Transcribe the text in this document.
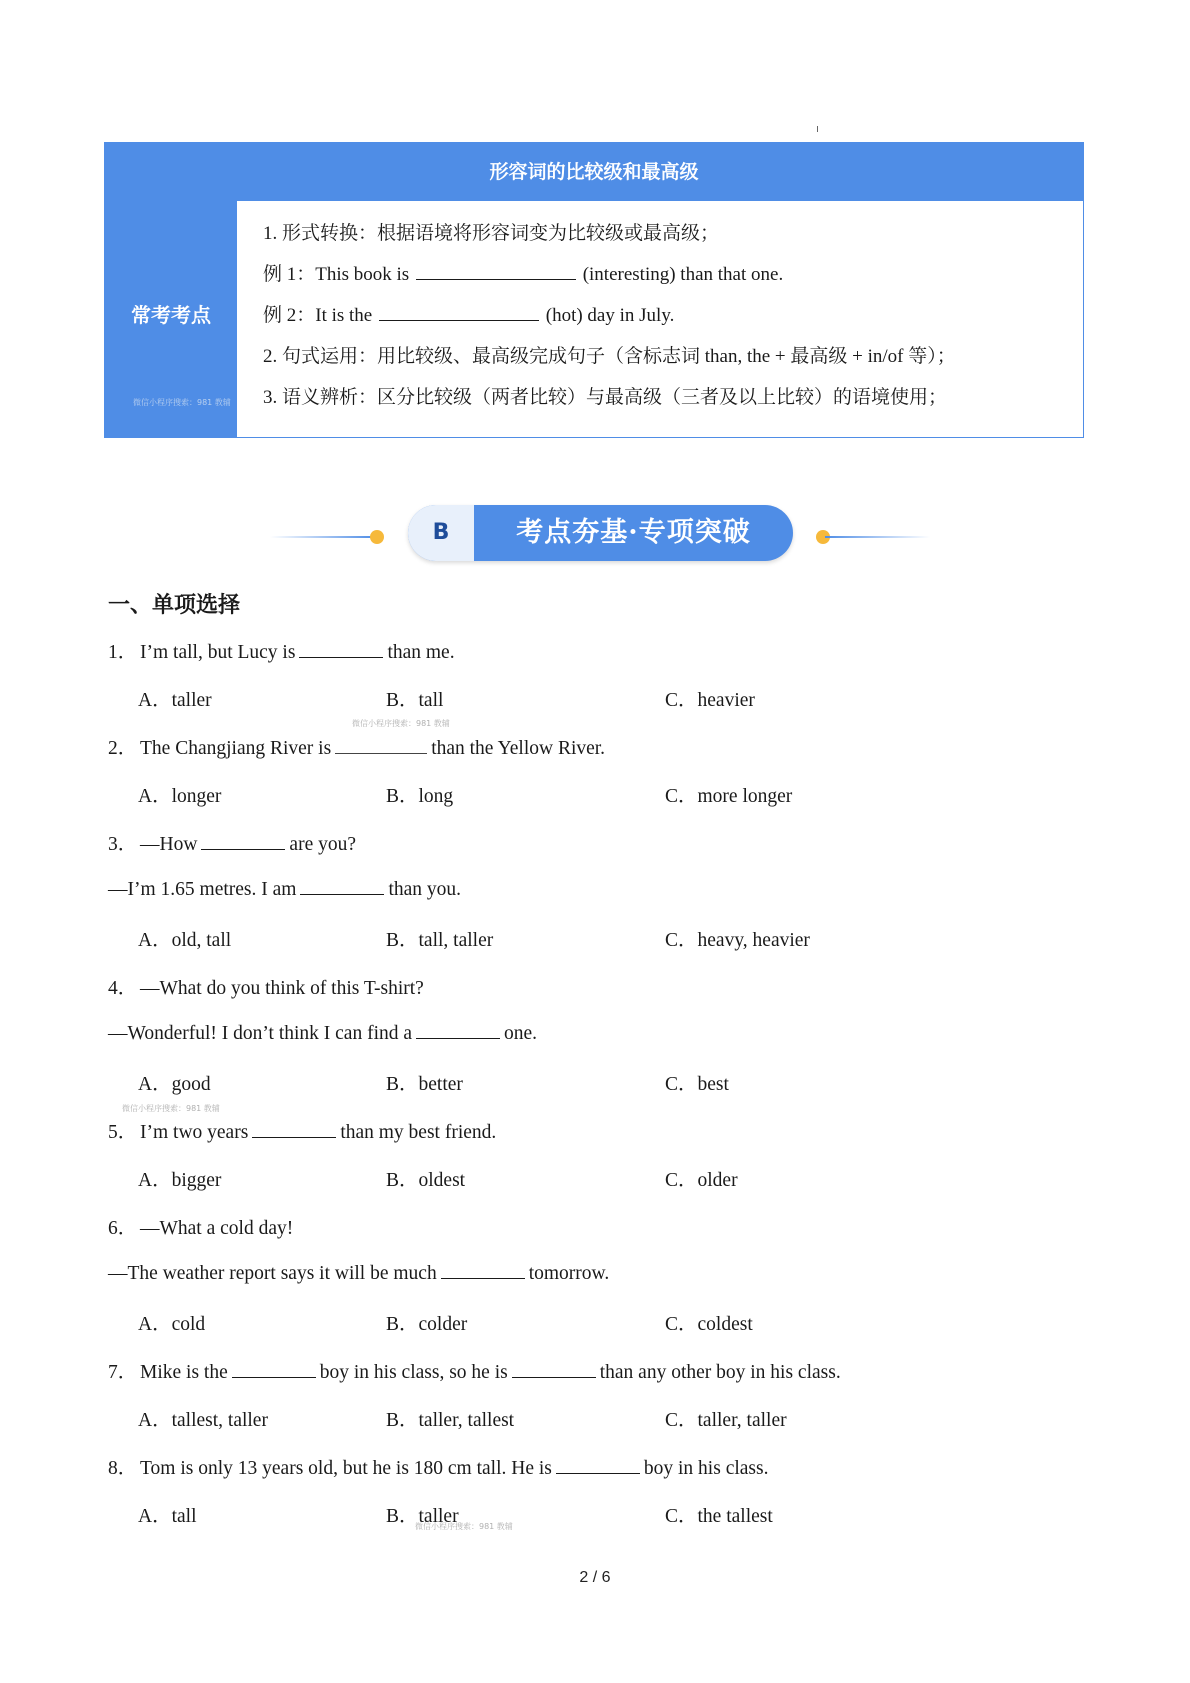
形容词的比较级和最高级
常考考点
微信小程序搜索：981 教辅
1. 形式转换：根据语境将形容词变为比较级或最高级；
例 1：This book is	(interesting) than that one.
例 2：It is the	(hot) day in July.
2. 句式运用：用比较级、最高级完成句子（含标志词 than, the + 最高级 + in/of 等）；
3. 语义辨析：区分比较级（两者比较）与最高级（三者及以上比较）的语境使用；
B	考点夯基·专项突破
一、单项选择
1． I’m tall, but Lucy is	than me.
A．taller	B．tall	C．heavier
微信小程序搜索：981 教辅
2． The Changjiang River is	than the Yellow River.
A．longer	B．long	C．more longer
3． —How	are you?
—I’m 1.65 metres. I am	than you.
A．old, tall	B．tall, taller	C．heavy, heavier
4． —What do you think of this T-shirt?
—Wonderful! I don’t think I can find a	one.
A．good	B．better	C．best
微信小程序搜索：981 教辅
5． I’m two years	than my best friend.
A．bigger	B．oldest	C．older
6． —What a cold day!
—The weather report says it will be much	tomorrow.
A．cold	B．colder	C．coldest
7． Mike is the	boy in his class, so he is	than any other boy in his class.
A．tallest, taller	B．taller, tallest	C．taller, taller
8． Tom is only 13 years old, but he is 180 cm tall. He is	boy in his class.
A．tall	B．taller	C．the tallest
微信小程序搜索：981 教辅
2 / 6
